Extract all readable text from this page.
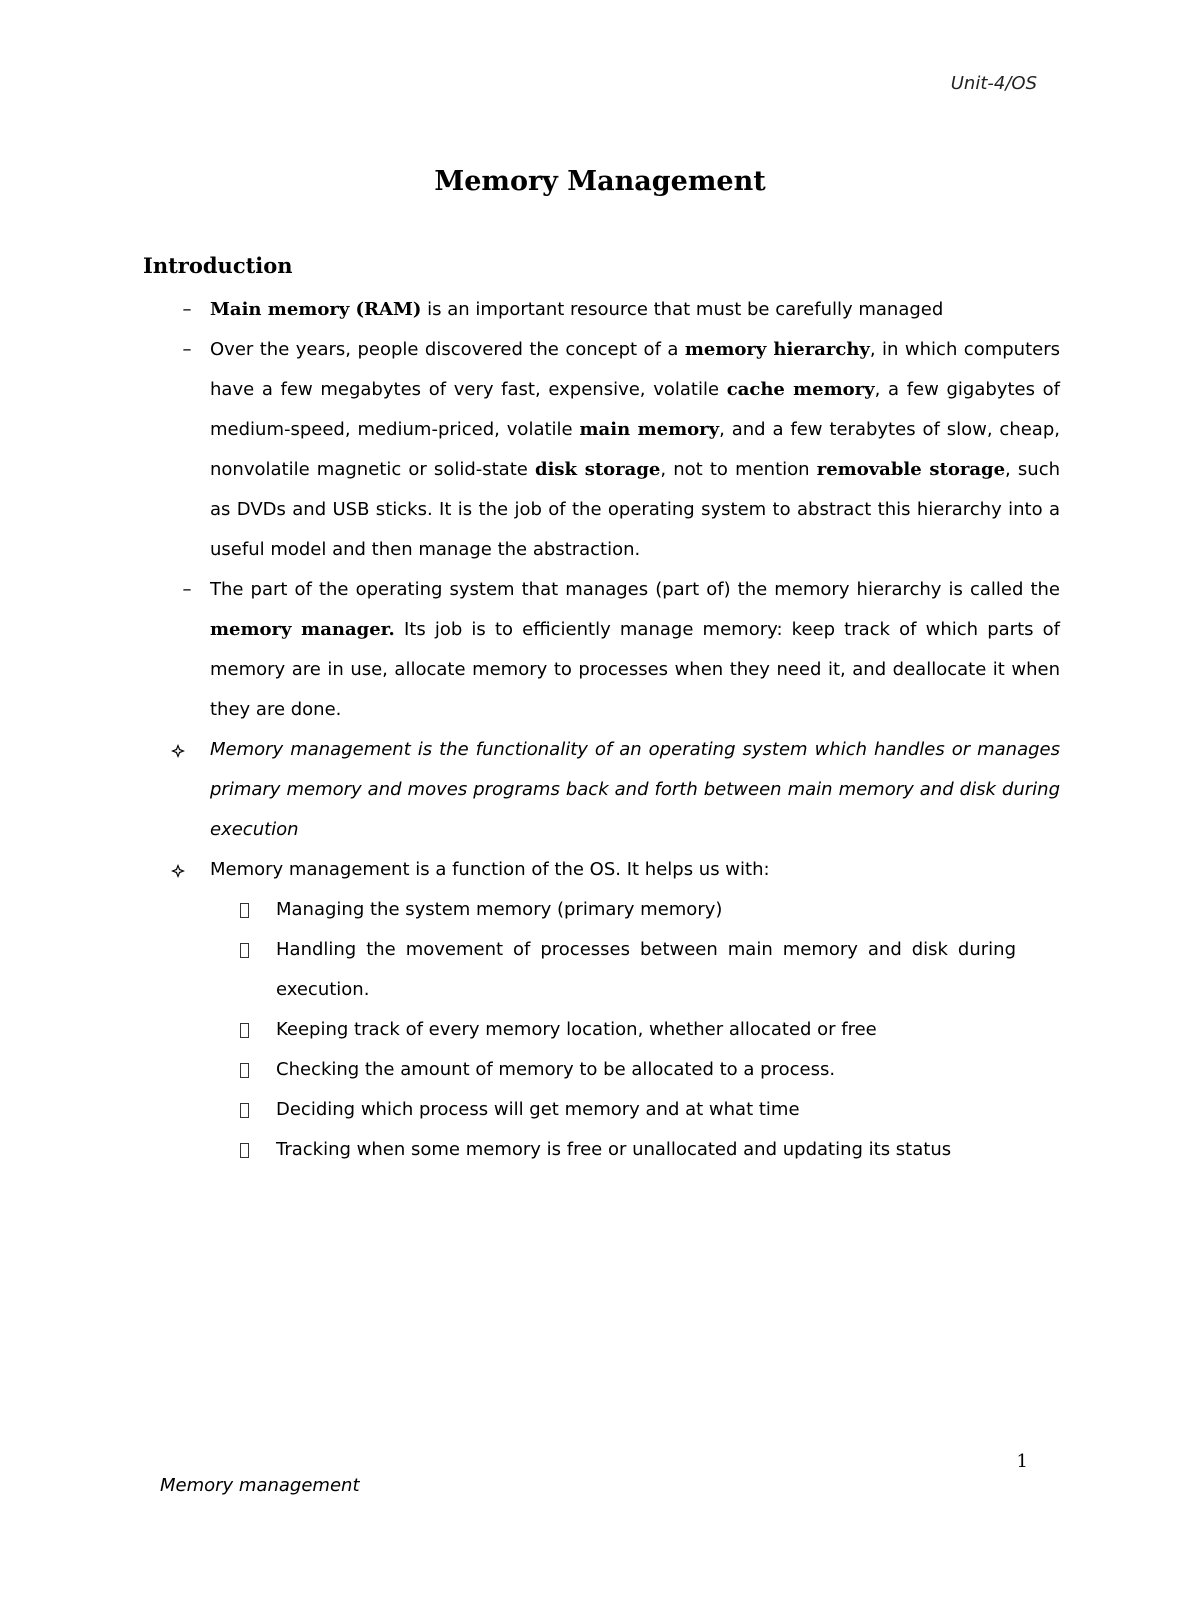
Unit-4/OS
Memory Management
Introduction
–	Main memory (RAM) is an important resource that must be carefully managed
–	Over the years, people discovered the concept of a memory hierarchy, in which computers have a few megabytes of very fast, expensive, volatile cache memory, a few gigabytes of medium-speed, medium-priced, volatile main memory, and a few terabytes of slow, cheap, nonvolatile magnetic or solid-state disk storage, not to mention removable storage, such as DVDs and USB sticks. It is the job of the operating system to abstract this hierarchy into a useful model and then manage the abstraction.
–	The part of the operating system that manages (part of) the memory hierarchy is called the memory manager. Its job is to efficiently manage memory: keep track of which parts of memory are in use, allocate memory to processes when they need it, and deallocate it when they are done.
Memory management is the functionality of an operating system which handles or manages primary memory and moves programs back and forth between main memory and disk during execution
Memory management is a function of the OS. It helps us with:
Managing the system memory (primary memory)
Handling the movement of processes between main memory and disk during execution.
Keeping track of every memory location, whether allocated or free
Checking the amount of memory to be allocated to a process.
Deciding which process will get memory and at what time
Tracking when some memory is free or unallocated and updating its status
1
Memory management
